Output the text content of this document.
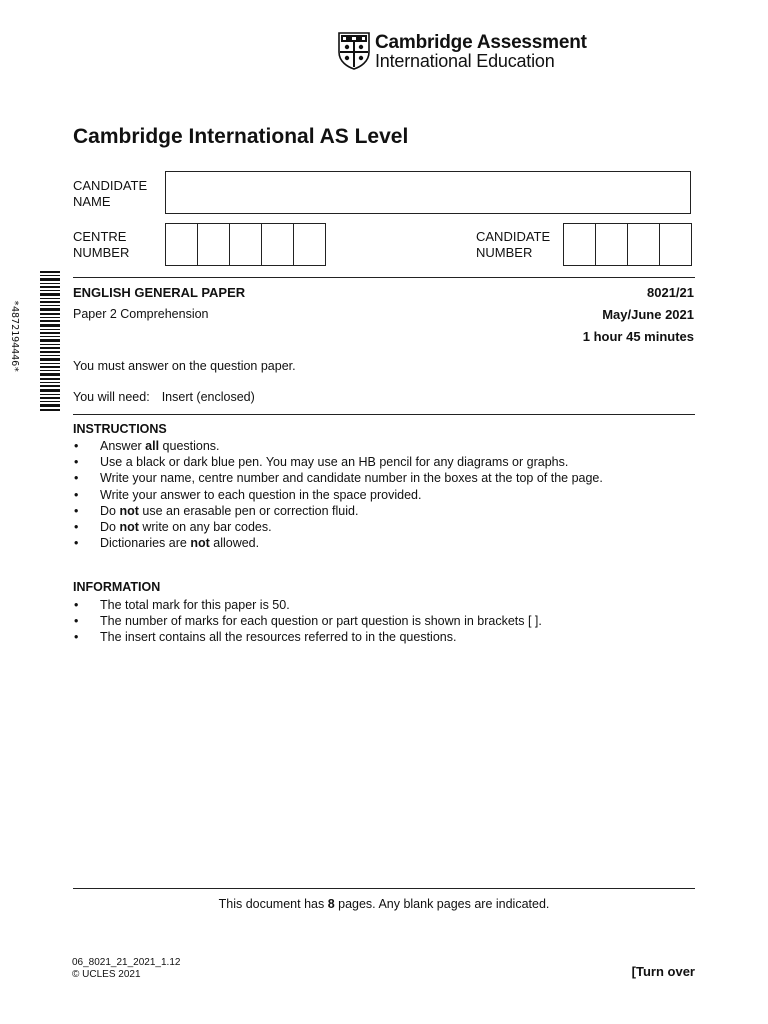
*4872194446*
Cambridge Assessment
International Education
Cambridge International AS Level
CANDIDATE
NAME
CENTRE
NUMBER
CANDIDATE
NUMBER
ENGLISH GENERAL PAPER	8021/21
Paper 2 Comprehension	May/June 2021
1 hour 45 minutes
You must answer on the question paper.
You will need: Insert (enclosed)
INSTRUCTIONS
• Answer all questions.
• Use a black or dark blue pen. You may use an HB pencil for any diagrams or graphs.
• Write your name, centre number and candidate number in the boxes at the top of the page.
• Write your answer to each question in the space provided.
• Do not use an erasable pen or correction fluid.
• Do not write on any bar codes.
• Dictionaries are not allowed.
INFORMATION
• The total mark for this paper is 50.
• The number of marks for each question or part question is shown in brackets [ ].
• The insert contains all the resources referred to in the questions.
This document has 8 pages. Any blank pages are indicated.
06_8021_21_2021_1.12
© UCLES 2021	[Turn over
